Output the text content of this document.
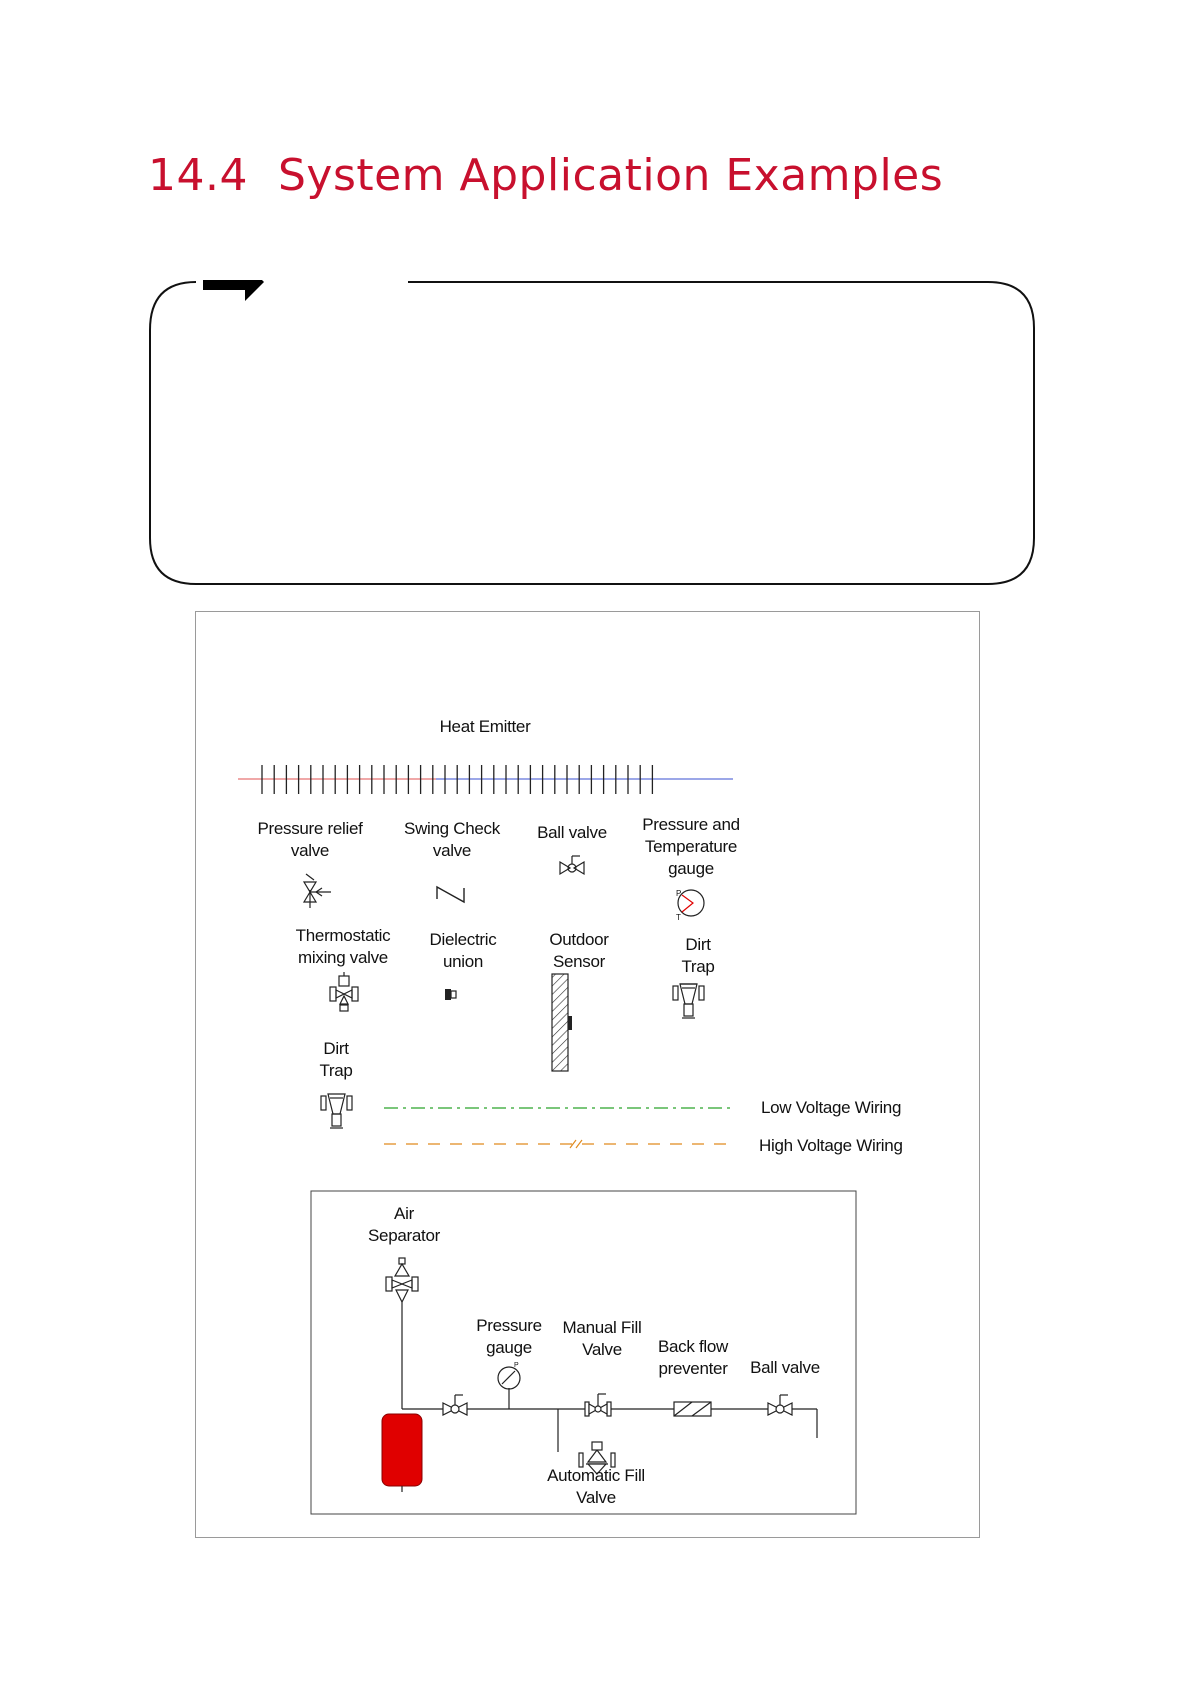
14.4 System Application Examples
P
T
P
Heat Emitter
Pressure relief
valve
Swing Check
valve
Ball valve Pressure and
Temperature
gauge
Thermostatic
mixing valve
Dielectric
union
Outdoor
Sensor
Dirt
Trap
Dirt
Trap
Low Voltage Wiring
High Voltage Wiring
Air
Separator
Pressure
gauge
Manual Fill
Valve	Back flow
preventer Ball valve
Automatic Fill
Valve
